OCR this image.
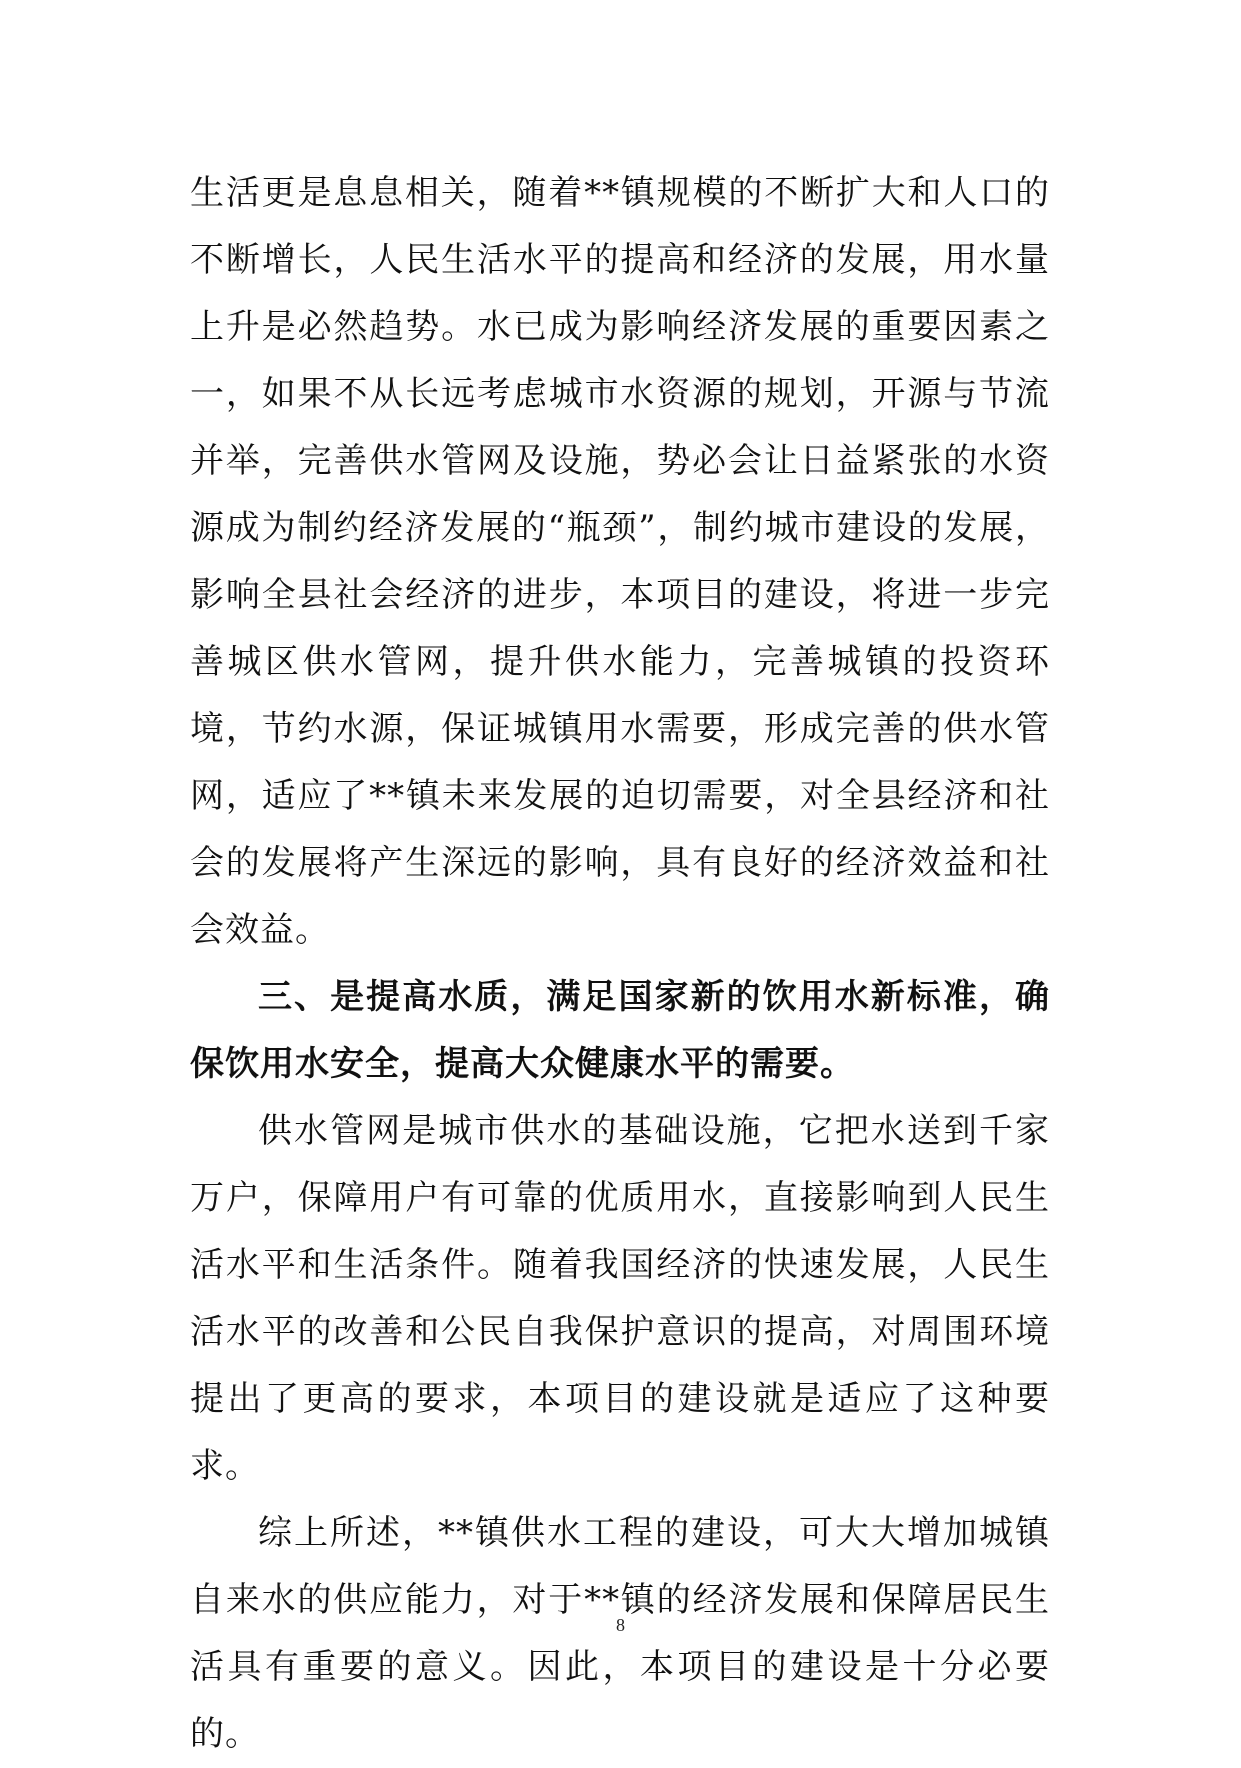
生活更是息息相关，随着**镇规模的不断扩大和人口的不断增长，人民生活水平的提高和经济的发展，用水量上升是必然趋势。水已成为影响经济发展的重要因素之一，如果不从长远考虑城市水资源的规划，开源与节流并举，完善供水管网及设施，势必会让日益紧张的水资源成为制约经济发展的“瓶颈”，制约城市建设的发展，影响全县社会经济的进步，本项目的建设，将进一步完善城区供水管网，提升供水能力，完善城镇的投资环境，节约水源，保证城镇用水需要，形成完善的供水管网，适应了**镇未来发展的迫切需要，对全县经济和社会的发展将产生深远的影响，具有良好的经济效益和社会效益。

三、是提高水质，满足国家新的饮用水新标准，确保饮用水安全，提高大众健康水平的需要。

供水管网是城市供水的基础设施，它把水送到千家万户，保障用户有可靠的优质用水，直接影响到人民生活水平和生活条件。随着我国经济的快速发展，人民生活水平的改善和公民自我保护意识的提高，对周围环境提出了更高的要求，本项目的建设就是适应了这种要求。

综上所述，**镇供水工程的建设，可大大增加城镇自来水的供应能力，对于**镇的经济发展和保障居民生活具有重要的意义。因此，本项目的建设是十分必要的。

8
